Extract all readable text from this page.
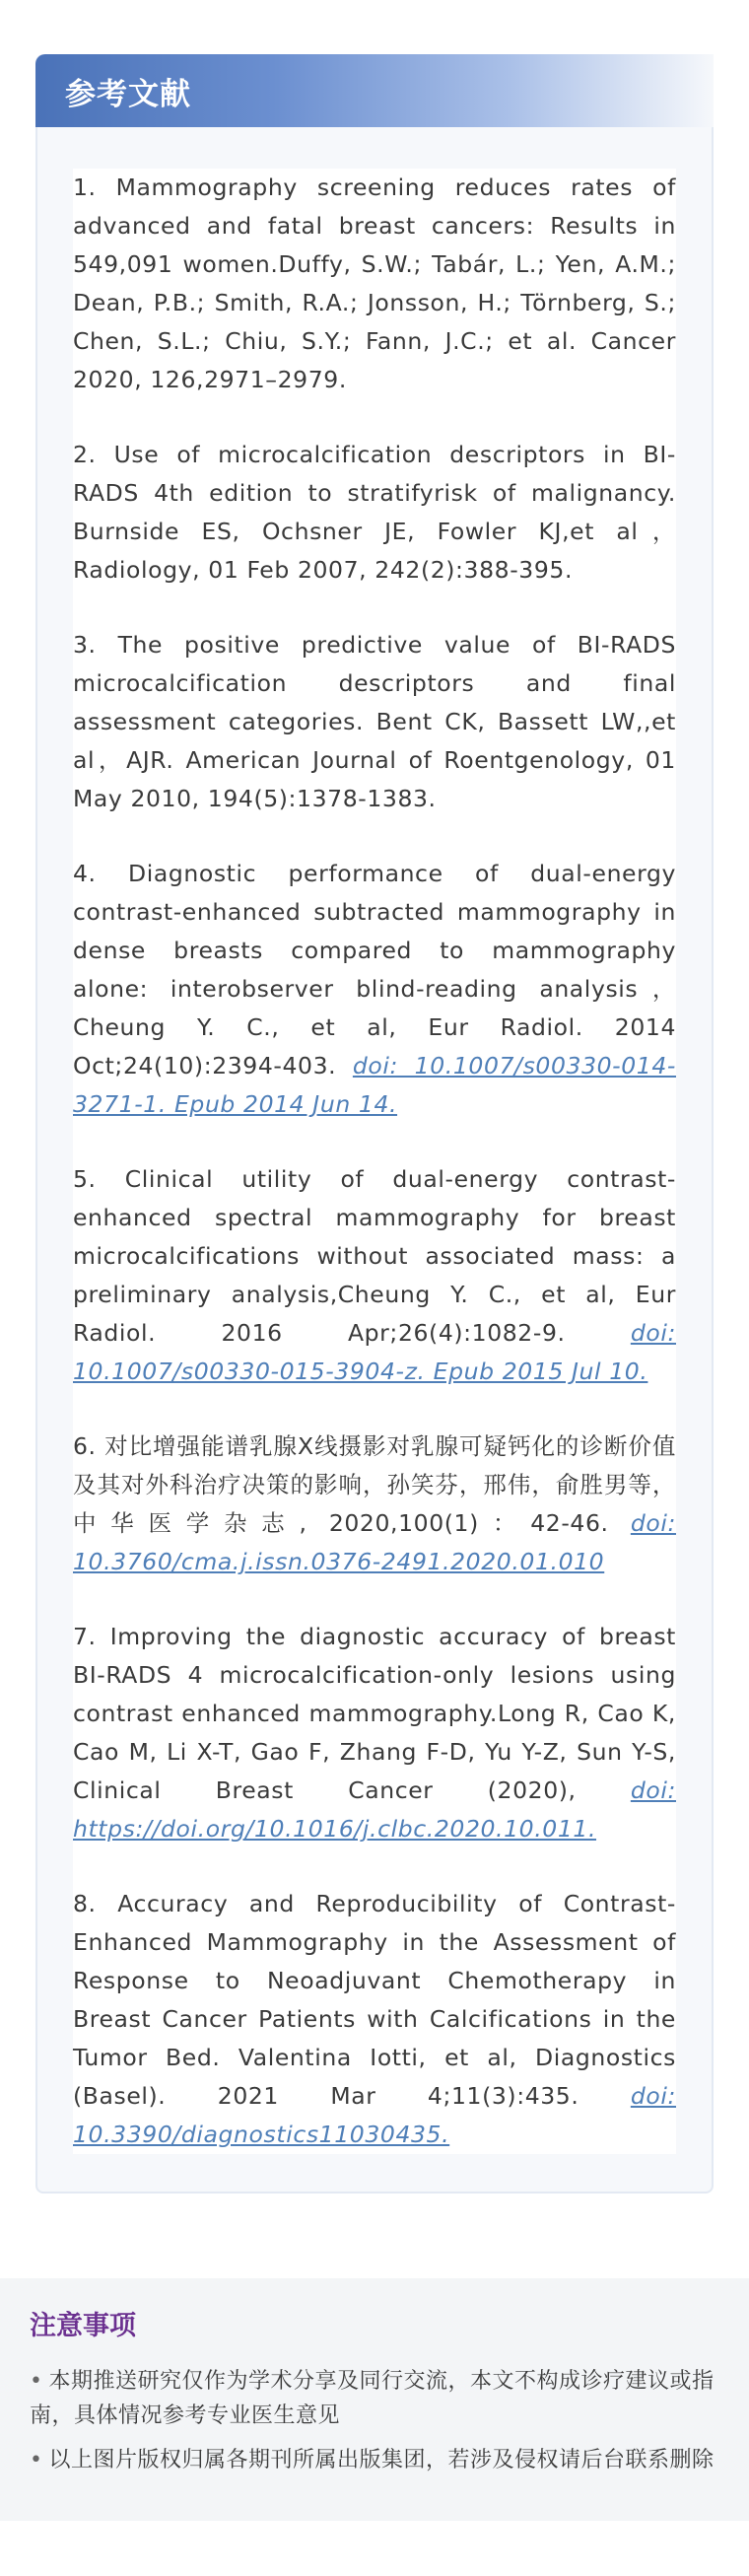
参考文献

1. Mammography screening reduces rates of advanced and fatal breast cancers: Results in 549,091 women.Duffy, S.W.; Tabár, L.; Yen, A.M.; Dean, P.B.; Smith, R.A.; Jonsson, H.; Törnberg, S.; Chen, S.L.; Chiu, S.Y.; Fann, J.C.; et al. Cancer 2020, 126,2971–2979.

2. Use of microcalcification descriptors in BI-RADS 4th edition to stratifyrisk of malignancy. Burnside ES, Ochsner JE, Fowler KJ,et al，Radiology, 01 Feb 2007, 242(2):388-395.

3. The positive predictive value of BI-RADS microcalcification descriptors and final assessment categories. Bent CK, Bassett LW,,et al，AJR. American Journal of Roentgenology, 01 May 2010, 194(5):1378-1383.

4. Diagnostic performance of dual-energy contrast-enhanced subtracted mammography in dense breasts compared to mammography alone: interobserver blind-reading analysis，Cheung Y. C., et al, Eur Radiol. 2014 Oct;24(10):2394-403. doi: 10.1007/s00330-014-3271-1. Epub 2014 Jun 14.

5. Clinical utility of dual-energy contrast-enhanced spectral mammography for breast microcalcifications without associated mass: a preliminary analysis,Cheung Y. C., et al, Eur Radiol. 2016 Apr;26(4):1082-9. doi: 10.1007/s00330-015-3904-z. Epub 2015 Jul 10.

6. 对比增强能谱乳腺X线摄影对乳腺可疑钙化的诊断价值及其对外科治疗决策的影响，孙笑芬，邢伟，俞胜男等，中华医学杂志, 2020,100(1)：42-46. doi: 10.3760/cma.j.issn.0376-2491.2020.01.010

7. Improving the diagnostic accuracy of breast BI-RADS 4 microcalcification-only lesions using contrast enhanced mammography.Long R, Cao K, Cao M, Li X-T, Gao F, Zhang F-D, Yu Y-Z, Sun Y-S, Clinical Breast Cancer (2020), doi: https://doi.org/10.1016/j.clbc.2020.10.011.

8. Accuracy and Reproducibility of Contrast-Enhanced Mammography in the Assessment of Response to Neoadjuvant Chemotherapy in Breast Cancer Patients with Calcifications in the Tumor Bed. Valentina Iotti, et al, Diagnostics (Basel). 2021 Mar 4;11(3):435. doi: 10.3390/diagnostics11030435.

注意事项

• 本期推送研究仅作为学术分享及同行交流，本文不构成诊疗建议或指南，具体情况参考专业医生意见

• 以上图片版权归属各期刊所属出版集团，若涉及侵权请后台联系删除
